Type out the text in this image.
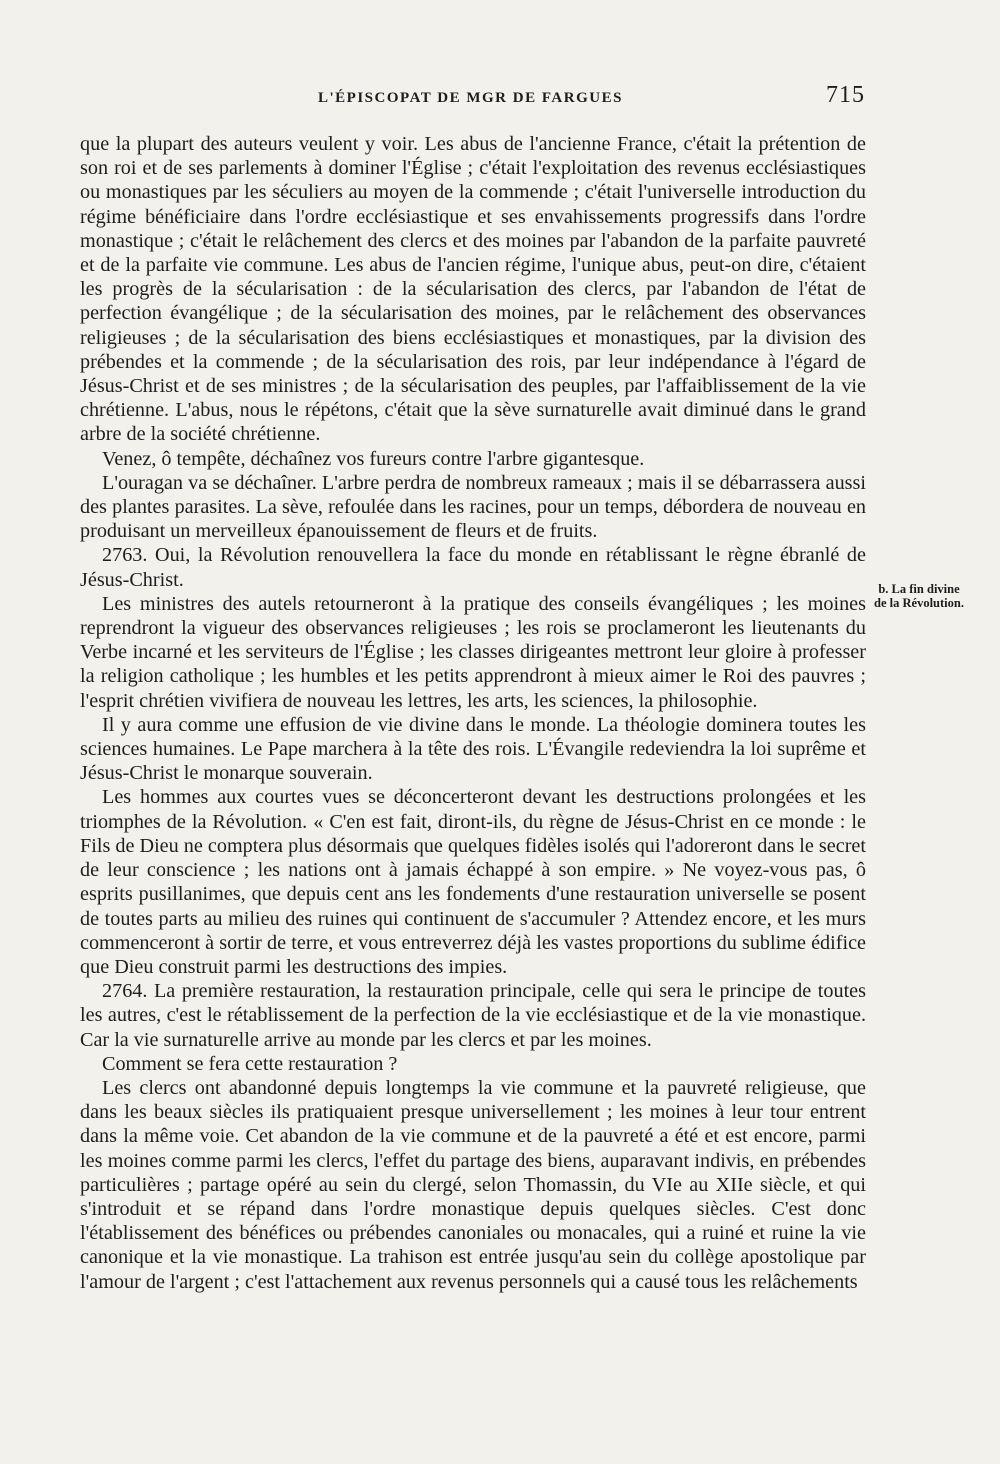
L'ÉPISCOPAT DE MGR DE FARGUES	715

que la plupart des auteurs veulent y voir. Les abus de l'ancienne France, c'était la prétention de son roi et de ses parlements à dominer l'Église ; c'était l'exploitation des revenus ecclésiastiques ou monastiques par les séculiers au moyen de la commende ; c'était l'universelle introduction du régime bénéficiaire dans l'ordre ecclésiastique et ses envahissements progressifs dans l'ordre monastique ; c'était le relâchement des clercs et des moines par l'abandon de la parfaite pauvreté et de la parfaite vie commune. Les abus de l'ancien régime, l'unique abus, peut-on dire, c'étaient les progrès de la sécularisation : de la sécularisation des clercs, par l'abandon de l'état de perfection évangélique ; de la sécularisation des moines, par le relâchement des observances religieuses ; de la sécularisation des biens ecclésiastiques et monastiques, par la division des prébendes et la commende ; de la sécularisation des rois, par leur indépendance à l'égard de Jésus-Christ et de ses ministres ; de la sécularisation des peuples, par l'affaiblissement de la vie chrétienne. L'abus, nous le répétons, c'était que la sève surnaturelle avait diminué dans le grand arbre de la société chrétienne.

Venez, ô tempête, déchaînez vos fureurs contre l'arbre gigantesque.

L'ouragan va se déchaîner. L'arbre perdra de nombreux rameaux ; mais il se débarrassera aussi des plantes parasites. La sève, refoulée dans les racines, pour un temps, débordera de nouveau en produisant un merveilleux épanouissement de fleurs et de fruits.

2763. Oui, la Révolution renouvellera la face du monde en rétablissant le règne ébranlé de Jésus-Christ.

Les ministres des autels retourneront à la pratique des conseils évangéliques ; les moines reprendront la vigueur des observances religieuses ; les rois se proclameront les lieutenants du Verbe incarné et les serviteurs de l'Église ; les classes dirigeantes mettront leur gloire à professer la religion catholique ; les humbles et les petits apprendront à mieux aimer le Roi des pauvres ; l'esprit chrétien vivifiera de nouveau les lettres, les arts, les sciences, la philosophie.

Il y aura comme une effusion de vie divine dans le monde. La théologie dominera toutes les sciences humaines. Le Pape marchera à la tête des rois. L'Évangile redeviendra la loi suprême et Jésus-Christ le monarque souverain.

Les hommes aux courtes vues se déconcerteront devant les destructions prolongées et les triomphes de la Révolution. « C'en est fait, diront-ils, du règne de Jésus-Christ en ce monde : le Fils de Dieu ne comptera plus désormais que quelques fidèles isolés qui l'adoreront dans le secret de leur conscience ; les nations ont à jamais échappé à son empire. » Ne voyez-vous pas, ô esprits pusillanimes, que depuis cent ans les fondements d'une restauration universelle se posent de toutes parts au milieu des ruines qui continuent de s'accumuler ? Attendez encore, et les murs commenceront à sortir de terre, et vous entreverrez déjà les vastes proportions du sublime édifice que Dieu construit parmi les destructions des impies.

2764. La première restauration, la restauration principale, celle qui sera le principe de toutes les autres, c'est le rétablissement de la perfection de la vie ecclésiastique et de la vie monastique. Car la vie surnaturelle arrive au monde par les clercs et par les moines.

Comment se fera cette restauration ?

Les clercs ont abandonné depuis longtemps la vie commune et la pauvreté religieuse, que dans les beaux siècles ils pratiquaient presque universellement ; les moines à leur tour entrent dans la même voie. Cet abandon de la vie commune et de la pauvreté a été et est encore, parmi les moines comme parmi les clercs, l'effet du partage des biens, auparavant indivis, en prébendes particulières ; partage opéré au sein du clergé, selon Thomassin, du VIe au XIIe siècle, et qui s'introduit et se répand dans l'ordre monastique depuis quelques siècles. C'est donc l'établissement des bénéfices ou prébendes canoniales ou monacales, qui a ruiné et ruine la vie canonique et la vie monastique. La trahison est entrée jusqu'au sein du collège apostolique par l'amour de l'argent ; c'est l'attachement aux revenus personnels qui a causé tous les relâchements

b. La fin divine de la Révolution.
